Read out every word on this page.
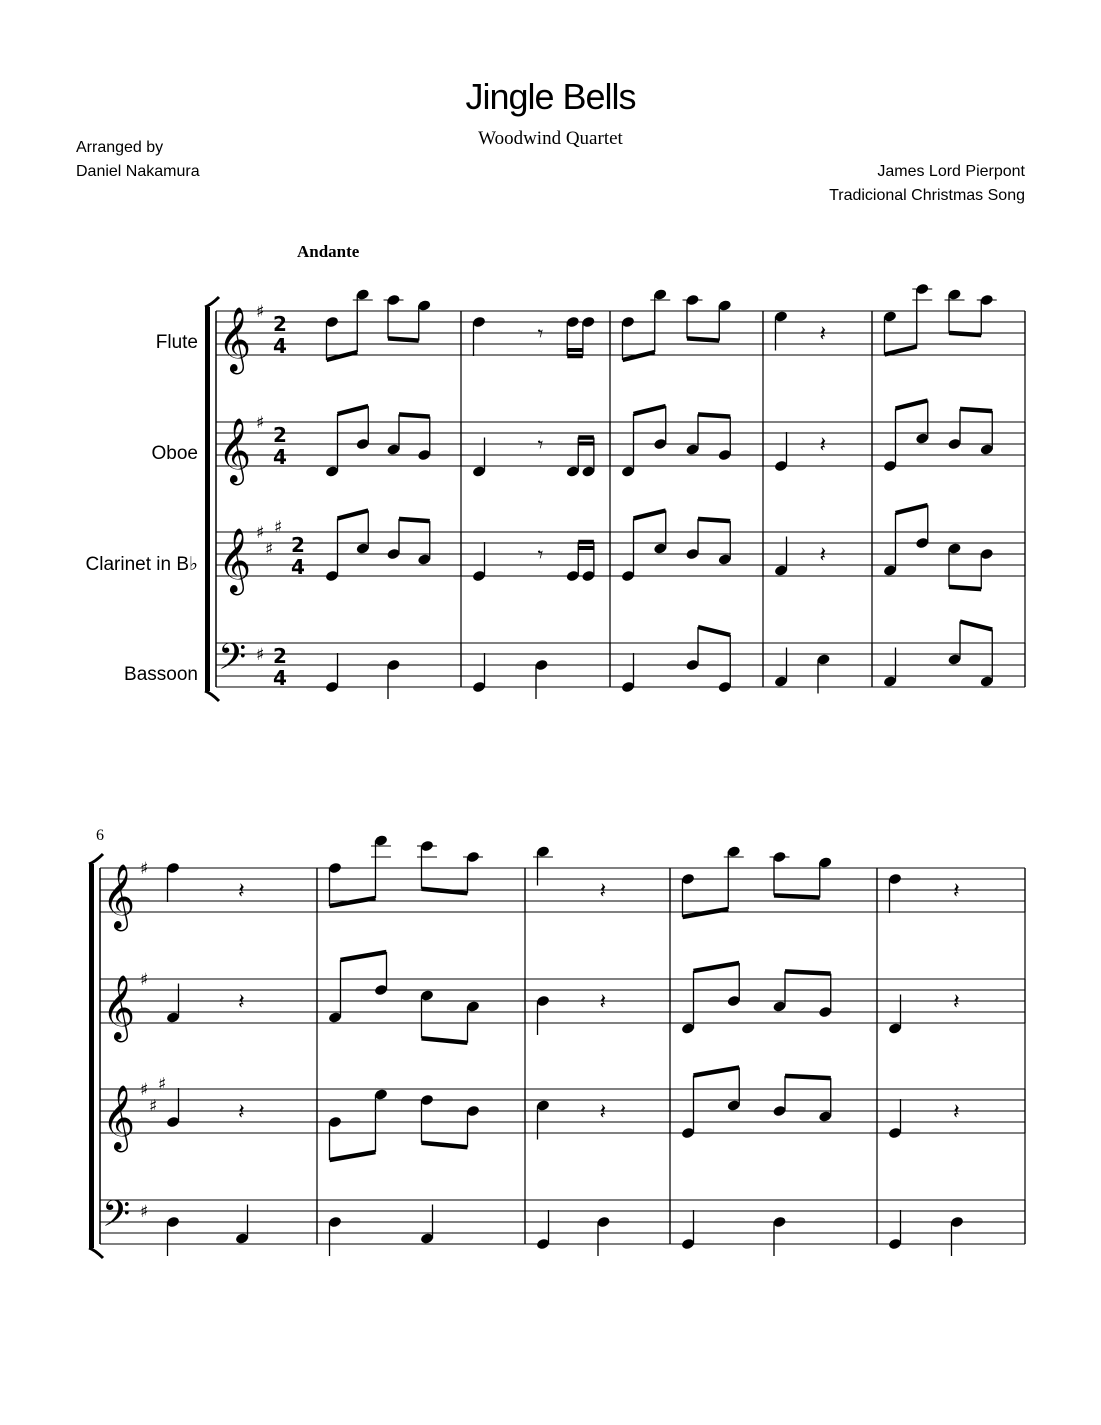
Jingle Bells
Woodwind Quartet
Arranged by
Daniel Nakamura	James Lord Pierpont
Tradicional Christmas Song
Andante
6
Flute
Oboe
Clarinet in B♭
Bassoon
𝄞 ♯ 2
4	𝄾	𝄽
𝄞 ♯ 2
4	𝄾	𝄽
𝄞 ♯
♯
♯
2
4	𝄾	𝄽
𝄢 ♯ 2
4
𝄞 ♯
𝄽	𝄽	𝄽
𝄞 ♯
𝄽	𝄽	𝄽
𝄞 ♯
♯
♯
𝄽	𝄽	𝄽
𝄢 ♯
